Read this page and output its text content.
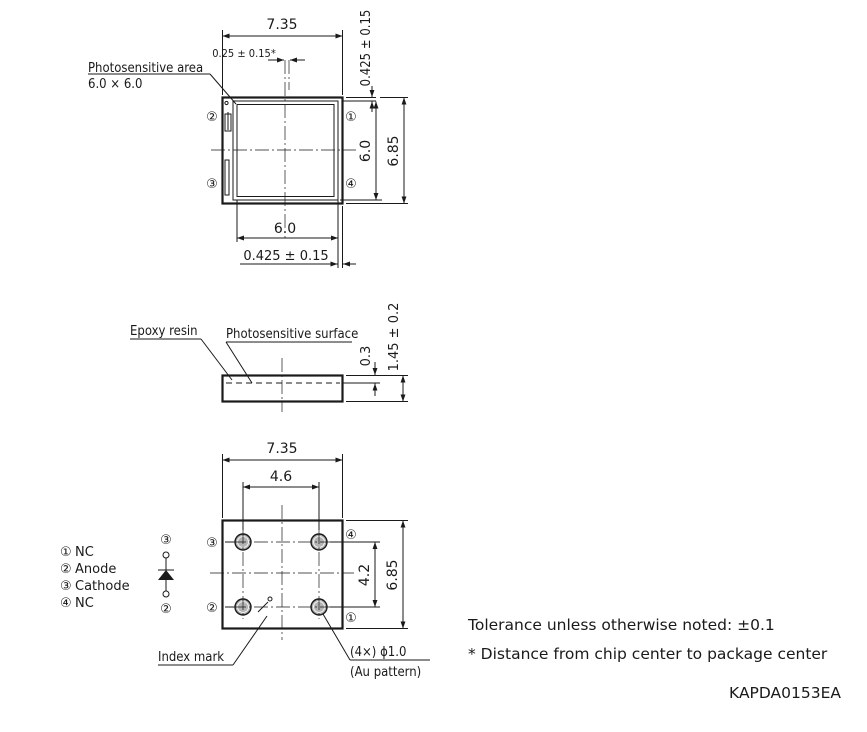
7.35
0.25 ± 0.15*
Photosensitive area
6.0 × 6.0	0.425 ± 0.15
6.0 6.85
6.0
0.425 ± 0.15
②
③
①
④
Epoxy resin Photosensitive surface
0.3 1.45 ± 0.2
7.35
4.6
Index mark	(4×) ϕ1.0
(Au pattern)
4.2 6.85
③
②
④
①
① NC
② Anode
③ Cathode
④ NC
③
②
Tolerance unless otherwise noted: ±0.1
* Distance from chip center to package center
KAPDA0153EA
